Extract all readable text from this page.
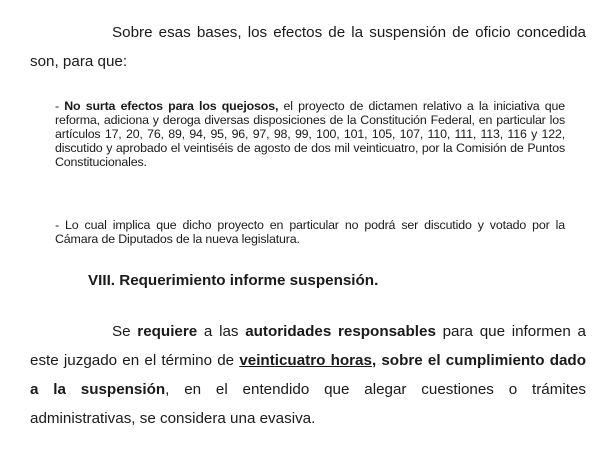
Sobre esas bases, los efectos de la suspensión de oficio concedida son, para que:

- No surta efectos para los quejosos, el proyecto de dictamen relativo a la iniciativa que reforma, adiciona y deroga diversas disposiciones de la Constitución Federal, en particular los artículos 17, 20, 76, 89, 94, 95, 96, 97, 98, 99, 100, 101, 105, 107, 110, 111, 113, 116 y 122, discutido y aprobado el veintiséis de agosto de dos mil veinticuatro, por la Comisión de Puntos Constitucionales.
- Lo cual implica que dicho proyecto en particular no podrá ser discutido y votado por la Cámara de Diputados de la nueva legislatura.
VIII. Requerimiento informe suspensión.

Se requiere a las autoridades responsables para que informen a este juzgado en el término de veinticuatro horas, sobre el cumplimiento dado a la suspensión, en el entendido que alegar cuestiones o trámites administrativas, se considera una evasiva.
